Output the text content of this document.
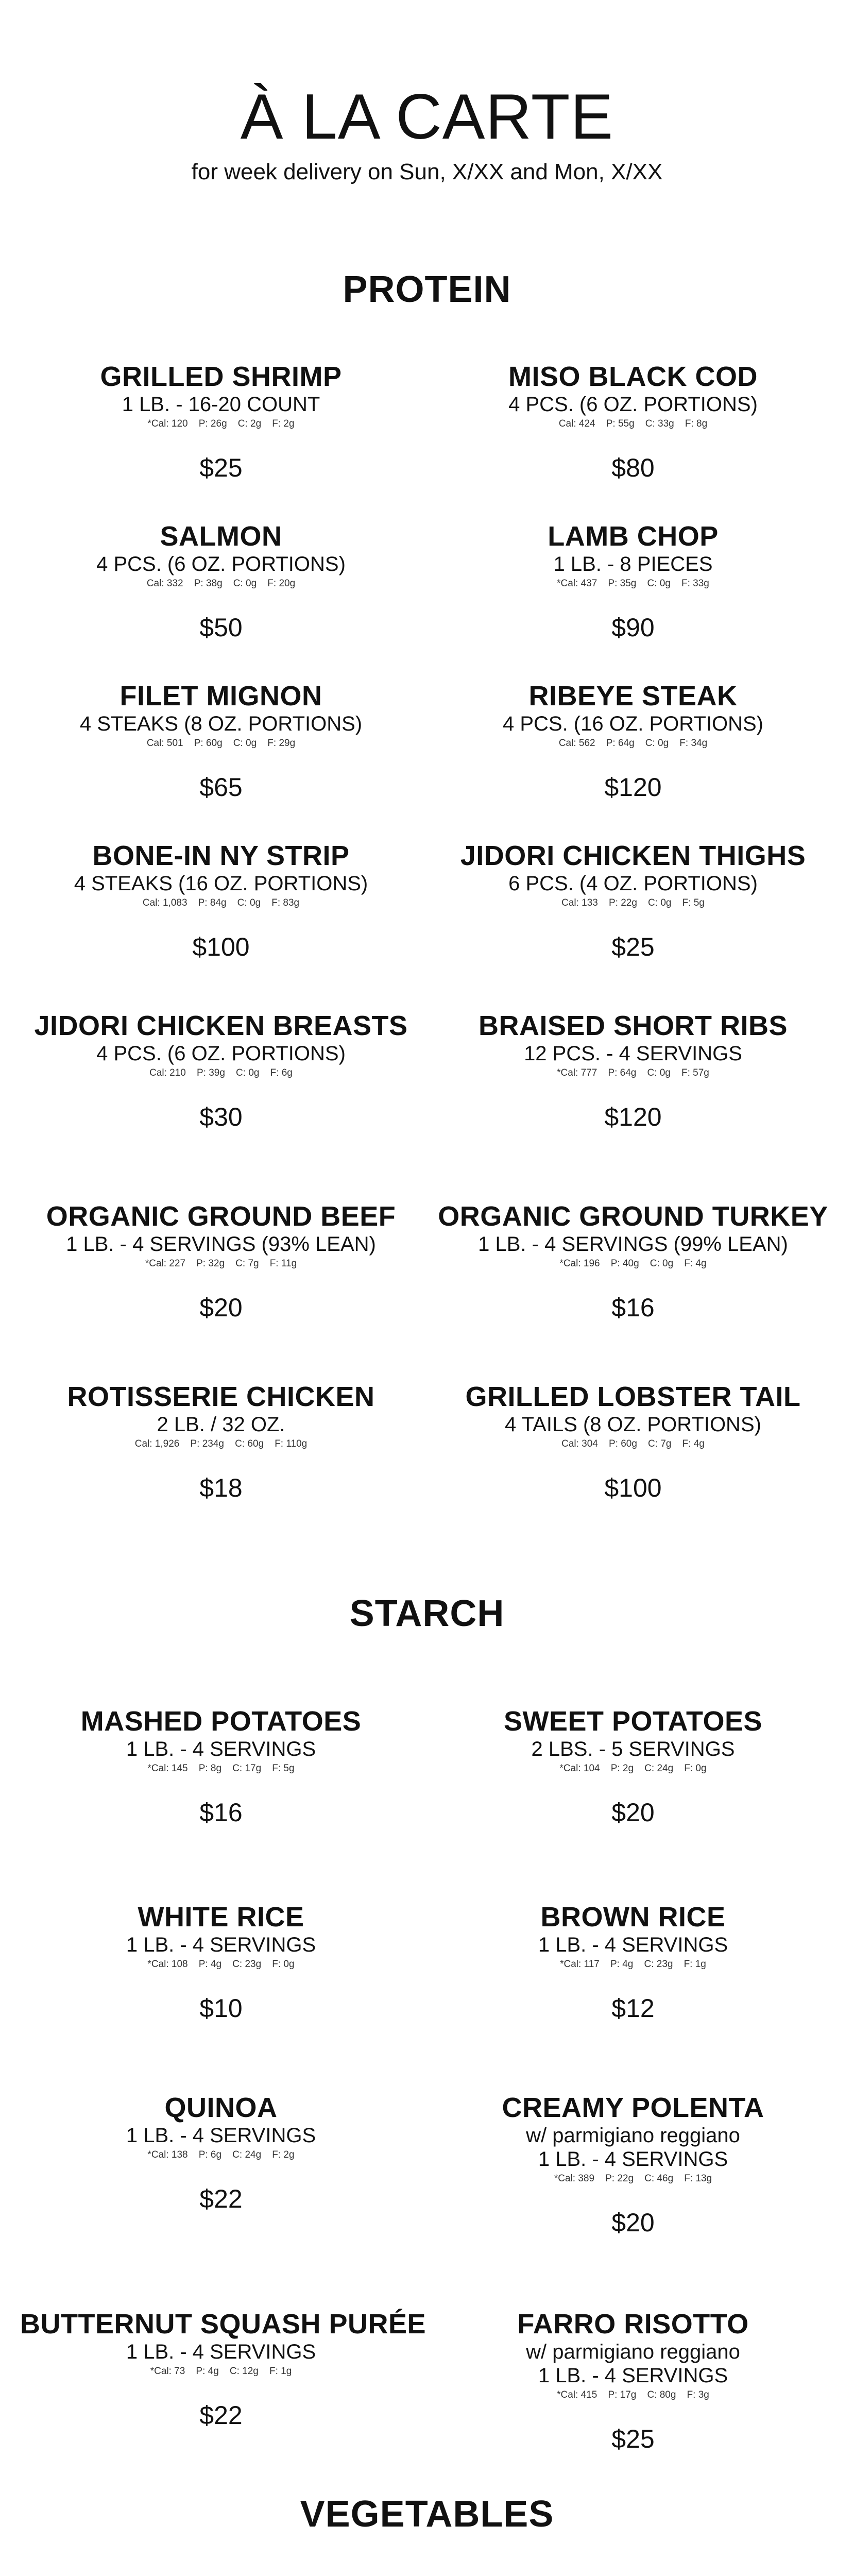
À LA CARTE
for week delivery on Sun, X/XX and Mon, X/XX
PROTEIN
STARCH
VEGETABLES
GRILLED SHRIMP
1 LB. - 16-20 COUNT
*Cal: 120    P: 26g    C: 2g    F: 2g
$25
MISO BLACK COD
4 PCS. (6 OZ. PORTIONS)
Cal: 424    P: 55g    C: 33g    F: 8g
$80
SALMON
4 PCS. (6 OZ. PORTIONS)
Cal: 332    P: 38g    C: 0g    F: 20g
$50
LAMB CHOP
1 LB. - 8 PIECES
*Cal: 437    P: 35g    C: 0g    F: 33g
$90
FILET MIGNON
4 STEAKS (8 OZ. PORTIONS)
Cal: 501    P: 60g    C: 0g    F: 29g
$65
RIBEYE STEAK
4 PCS. (16 OZ. PORTIONS)
Cal: 562    P: 64g    C: 0g    F: 34g
$120
BONE-IN NY STRIP
4 STEAKS (16 OZ. PORTIONS)
Cal: 1,083    P: 84g    C: 0g    F: 83g
$100
JIDORI CHICKEN THIGHS
6 PCS. (4 OZ. PORTIONS)
Cal: 133    P: 22g    C: 0g    F: 5g
$25
JIDORI CHICKEN BREASTS
4 PCS. (6 OZ. PORTIONS)
Cal: 210    P: 39g    C: 0g    F: 6g
$30
BRAISED SHORT RIBS
12 PCS. - 4 SERVINGS
*Cal: 777    P: 64g    C: 0g    F: 57g
$120
ORGANIC GROUND BEEF
1 LB. - 4 SERVINGS (93% LEAN)
*Cal: 227    P: 32g    C: 7g    F: 11g
$20
ORGANIC GROUND TURKEY
1 LB. - 4 SERVINGS (99% LEAN)
*Cal: 196    P: 40g    C: 0g    F: 4g
$16
ROTISSERIE CHICKEN
2 LB. / 32 OZ.
Cal: 1,926    P: 234g    C: 60g    F: 110g
$18
GRILLED LOBSTER TAIL
4 TAILS (8 OZ. PORTIONS)
Cal: 304    P: 60g    C: 7g    F: 4g
$100
MASHED POTATOES
1 LB. - 4 SERVINGS
*Cal: 145    P: 8g    C: 17g    F: 5g
$16
SWEET POTATOES
2 LBS. - 5 SERVINGS
*Cal: 104    P: 2g    C: 24g    F: 0g
$20
WHITE RICE
1 LB. - 4 SERVINGS
*Cal: 108    P: 4g    C: 23g    F: 0g
$10
BROWN RICE
1 LB. - 4 SERVINGS
*Cal: 117    P: 4g    C: 23g    F: 1g
$12
QUINOA
1 LB. - 4 SERVINGS
*Cal: 138    P: 6g    C: 24g    F: 2g
$22
CREAMY POLENTA
w/ parmigiano reggiano
1 LB. - 4 SERVINGS
*Cal: 389    P: 22g    C: 46g    F: 13g
$20
BUTTERNUT SQUASH PURÉE
1 LB. - 4 SERVINGS
*Cal: 73    P: 4g    C: 12g    F: 1g
$22
FARRO RISOTTO
w/ parmigiano reggiano
1 LB. - 4 SERVINGS
*Cal: 415    P: 17g    C: 80g    F: 3g
$25
